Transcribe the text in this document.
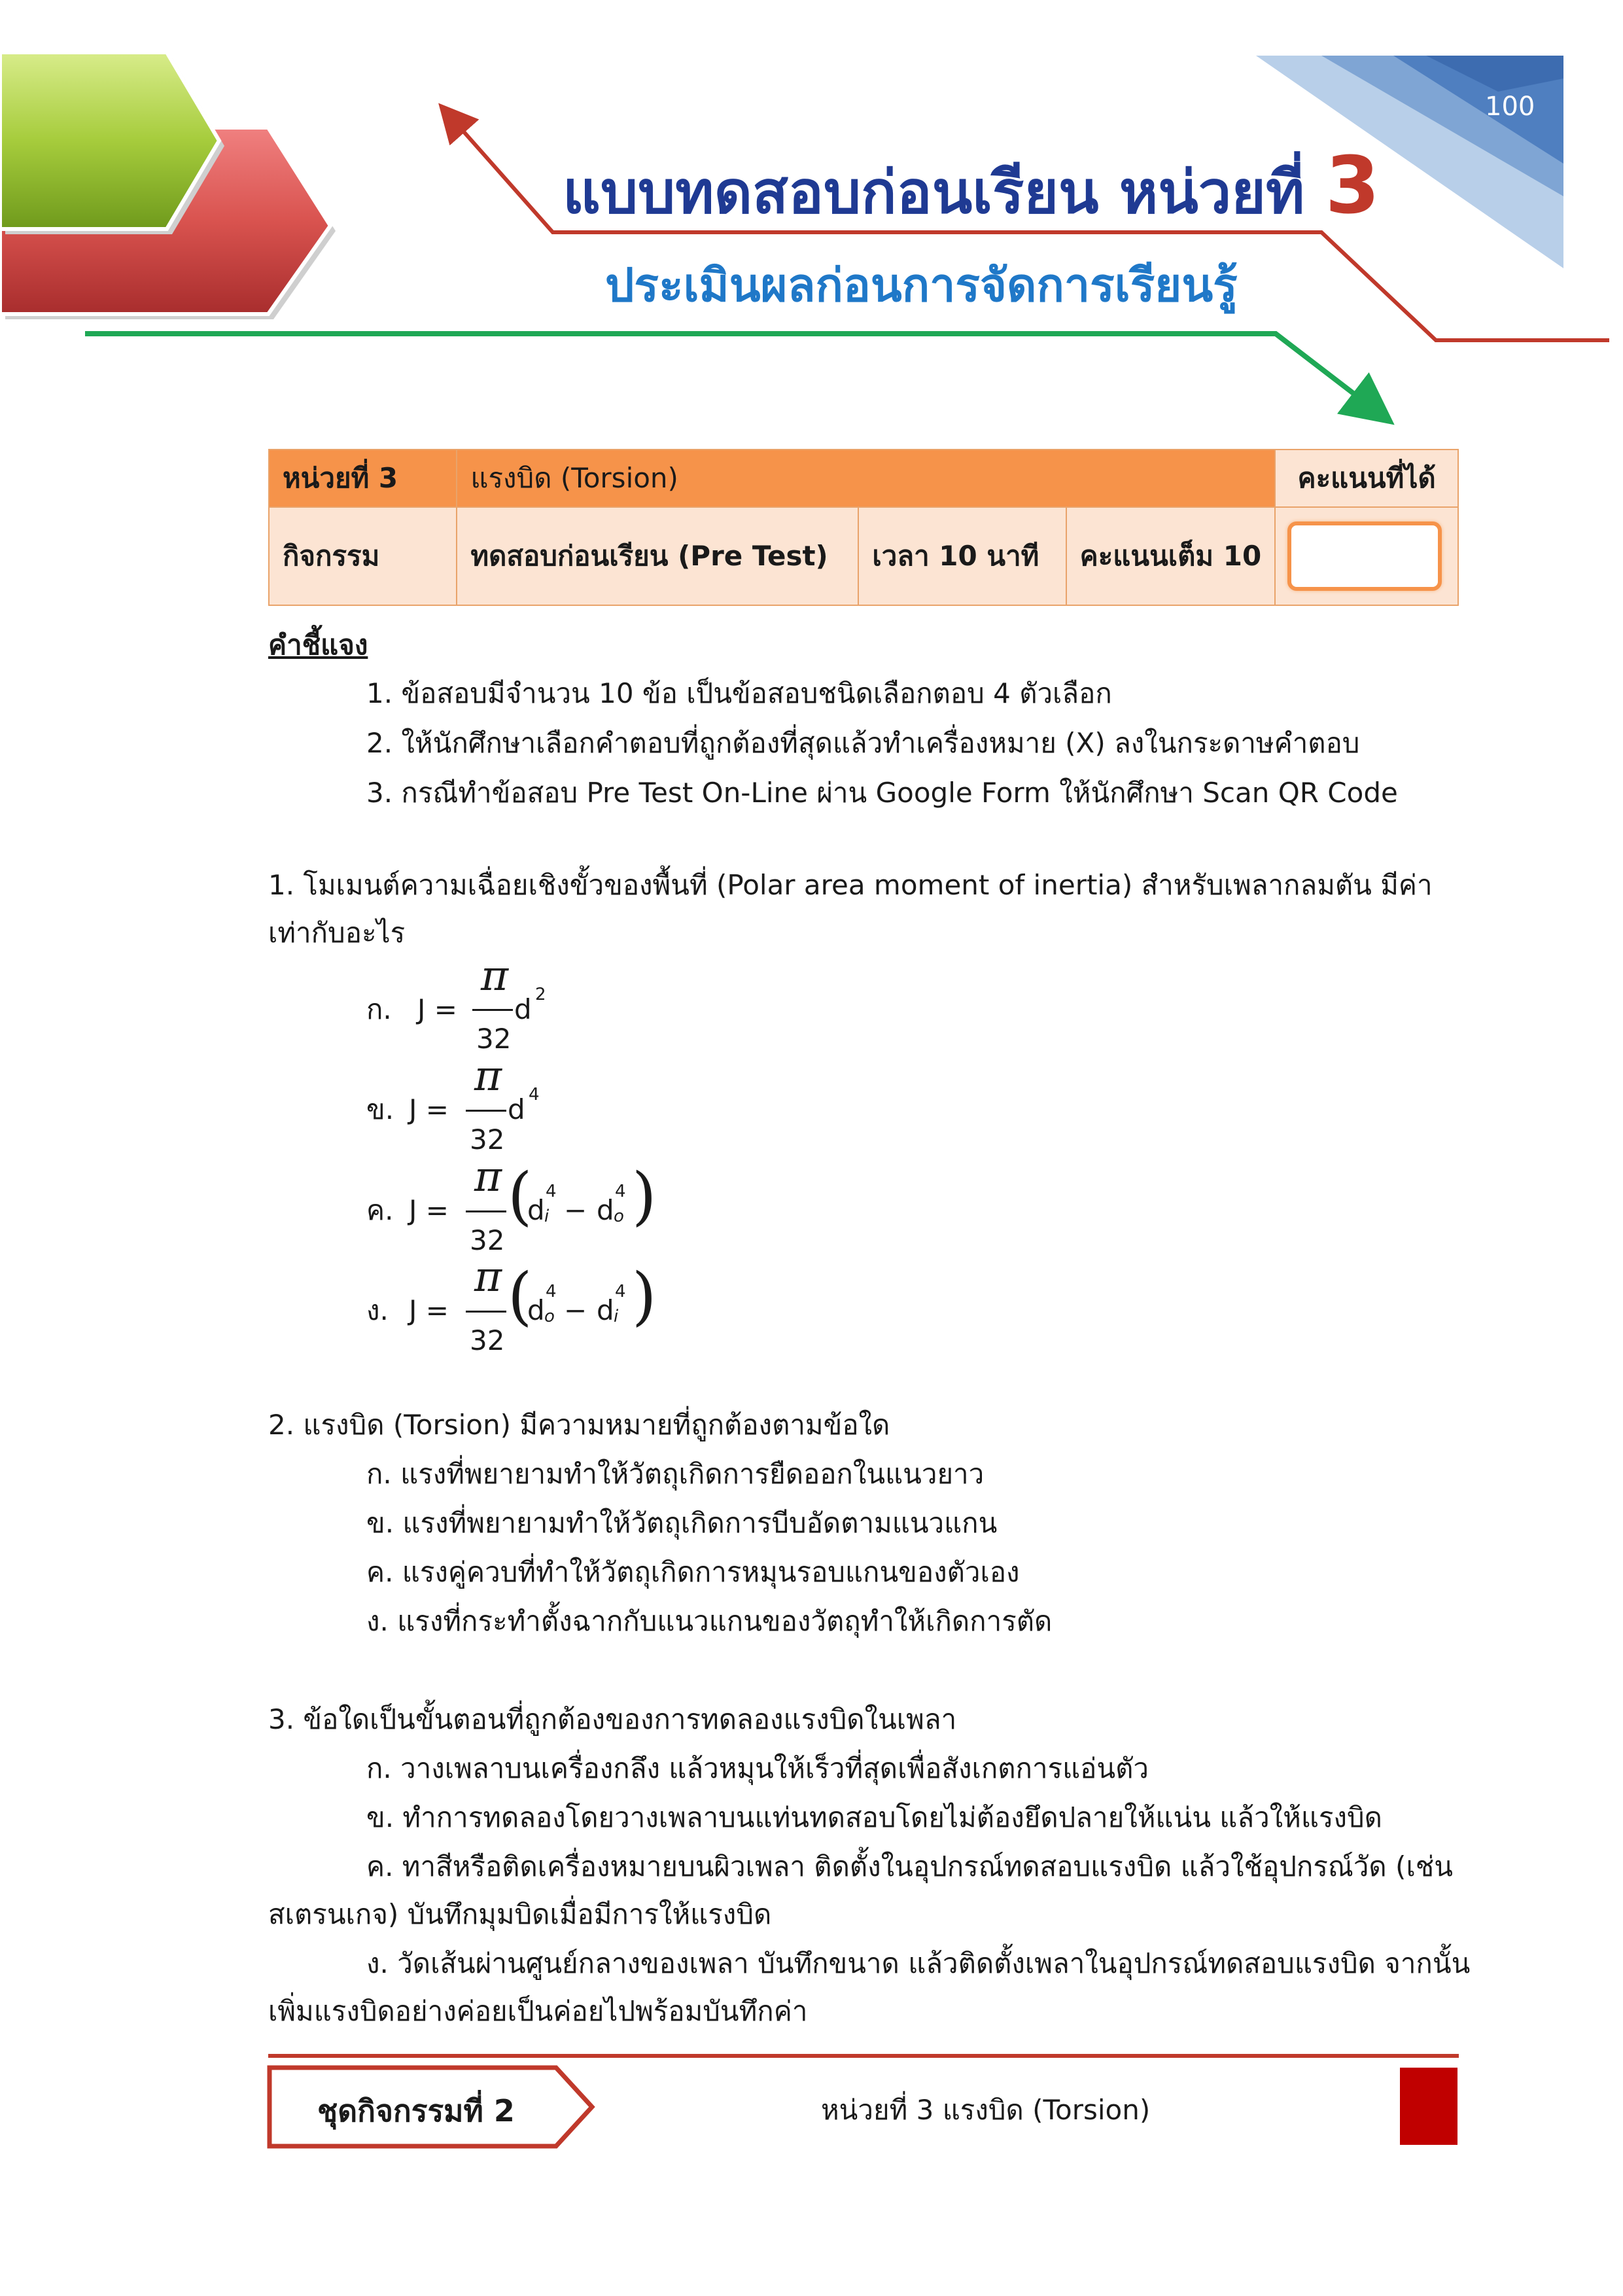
100
แบบทดสอบก่อนเรียน หน่วยที่ 3
ประเมินผลก่อนการจัดการเรียนรู้
หน่วยที่ 3	แรงบิด (Torsion)			คะแนนที่ได้
กิจกรรม	ทดสอบก่อนเรียน (Pre Test)	เวลา 10 นาที	คะแนนเต็ม 10	
คำชี้แจง
1. ข้อสอบมีจำนวน 10 ข้อ เป็นข้อสอบชนิดเลือกตอบ 4 ตัวเลือก
2. ให้นักศึกษาเลือกคำตอบที่ถูกต้องที่สุดแล้วทำเครื่องหมาย (X) ลงในกระดาษคำตอบ
3. กรณีทำข้อสอบ Pre Test On-Line ผ่าน Google Form ให้นักศึกษา Scan QR Code
1. โมเมนต์ความเฉื่อยเชิงขั้วของพื้นที่ (Polar area moment of inertia) สำหรับเพลากลมตัน มีค่า
เท่ากับอะไร
ก. J =
π
32
d 2
ข. J =
π
32
d 4
ค. J =
π
32
(
d
4
i − d
4
o )
ง. J =
π
32
(
d
4
o − d
4
i )
2. แรงบิด (Torsion) มีความหมายที่ถูกต้องตามข้อใด
ก. แรงที่พยายามทำให้วัตถุเกิดการยืดออกในแนวยาว
ข. แรงที่พยายามทำให้วัตถุเกิดการบีบอัดตามแนวแกน
ค. แรงคู่ควบที่ทำให้วัตถุเกิดการหมุนรอบแกนของตัวเอง
ง. แรงที่กระทำตั้งฉากกับแนวแกนของวัตถุทำให้เกิดการตัด
3. ข้อใดเป็นขั้นตอนที่ถูกต้องของการทดลองแรงบิดในเพลา
ก. วางเพลาบนเครื่องกลึง แล้วหมุนให้เร็วที่สุดเพื่อสังเกตการแอ่นตัว
ข. ทำการทดลองโดยวางเพลาบนแท่นทดสอบโดยไม่ต้องยึดปลายให้แน่น แล้วให้แรงบิด
ค. ทาสีหรือติดเครื่องหมายบนผิวเพลา ติดตั้งในอุปกรณ์ทดสอบแรงบิด แล้วใช้อุปกรณ์วัด (เช่น
สเตรนเกจ) บันทึกมุมบิดเมื่อมีการให้แรงบิด
ง. วัดเส้นผ่านศูนย์กลางของเพลา บันทึกขนาด แล้วติดตั้งเพลาในอุปกรณ์ทดสอบแรงบิด จากนั้น
เพิ่มแรงบิดอย่างค่อยเป็นค่อยไปพร้อมบันทึกค่า
ชุดกิจกรรมที่ 2	หน่วยที่ 3 แรงบิด (Torsion)
